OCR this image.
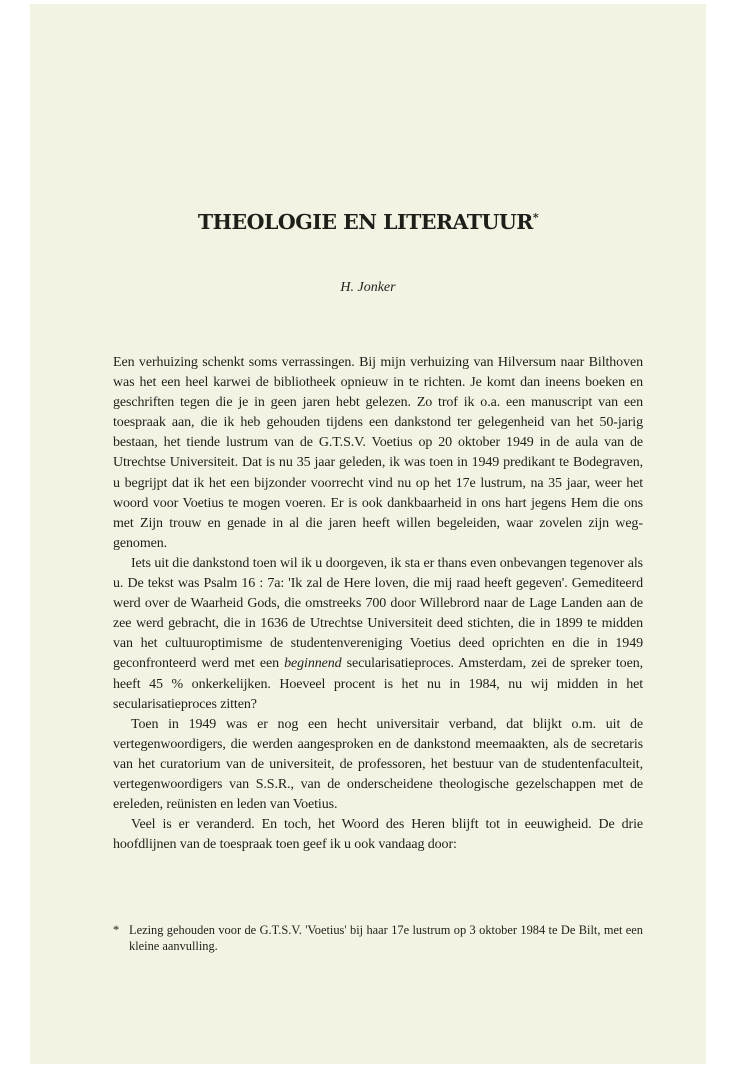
THEOLOGIE EN LITERATUUR*
H. Jonker

Een verhuizing schenkt soms verrassingen. Bij mijn verhuizing van Hilversum naar Bilthoven was het een heel karwei de bibliotheek opnieuw in te richten. Je komt dan ineens boeken en geschriften tegen die je in geen jaren hebt gelezen. Zo trof ik o.a. een manuscript van een toespraak aan, die ik heb gehouden tijdens een dankstond ter gelegenheid van het 50-jarig bestaan, het tiende lustrum van de G.T.S.V. Voetius op 20 oktober 1949 in de aula van de Utrechtse Universiteit. Dat is nu 35 jaar geleden, ik was toen in 1949 predikant te Bodegraven, u begrijpt dat ik het een bijzonder voorrecht vind nu op het 17e lustrum, na 35 jaar, weer het woord voor Voetius te mogen voeren. Er is ook dankbaarheid in ons hart jegens Hem die ons met Zijn trouw en genade in al die jaren heeft willen begeleiden, waar zovelen zijn weggenomen.

Iets uit die dankstond toen wil ik u doorgeven, ik sta er thans even onbevangen tegenover als u. De tekst was Psalm 16 : 7a: 'Ik zal de Here loven, die mij raad heeft gegeven'. Gemediteerd werd over de Waarheid Gods, die omstreeks 700 door Willebrord naar de Lage Landen aan de zee werd gebracht, die in 1636 de Utrechtse Universiteit deed stichten, die in 1899 te midden van het cultuuroptimisme de studentenvereniging Voetius deed oprichten en die in 1949 geconfronteerd werd met een beginnend secularisatieproces. Amsterdam, zei de spreker toen, heeft 45 % onkerkelijken. Hoeveel procent is het nu in 1984, nu wij midden in het secularisatieproces zitten?

Toen in 1949 was er nog een hecht universitair verband, dat blijkt o.m. uit de vertegenwoordigers, die werden aangesproken en de dankstond meemaakten, als de secretaris van het curatorium van de universiteit, de professoren, het bestuur van de studentenfaculteit, vertegenwoordigers van S.S.R., van de onderscheidene theologische gezelschappen met de ereleden, reünisten en leden van Voetius.

Veel is er veranderd. En toch, het Woord des Heren blijft tot in eeuwigheid. De drie hoofdlijnen van de toespraak toen geef ik u ook vandaag door:

* Lezing gehouden voor de G.T.S.V. 'Voetius' bij haar 17e lustrum op 3 oktober 1984 te De Bilt, met een kleine aanvulling.
